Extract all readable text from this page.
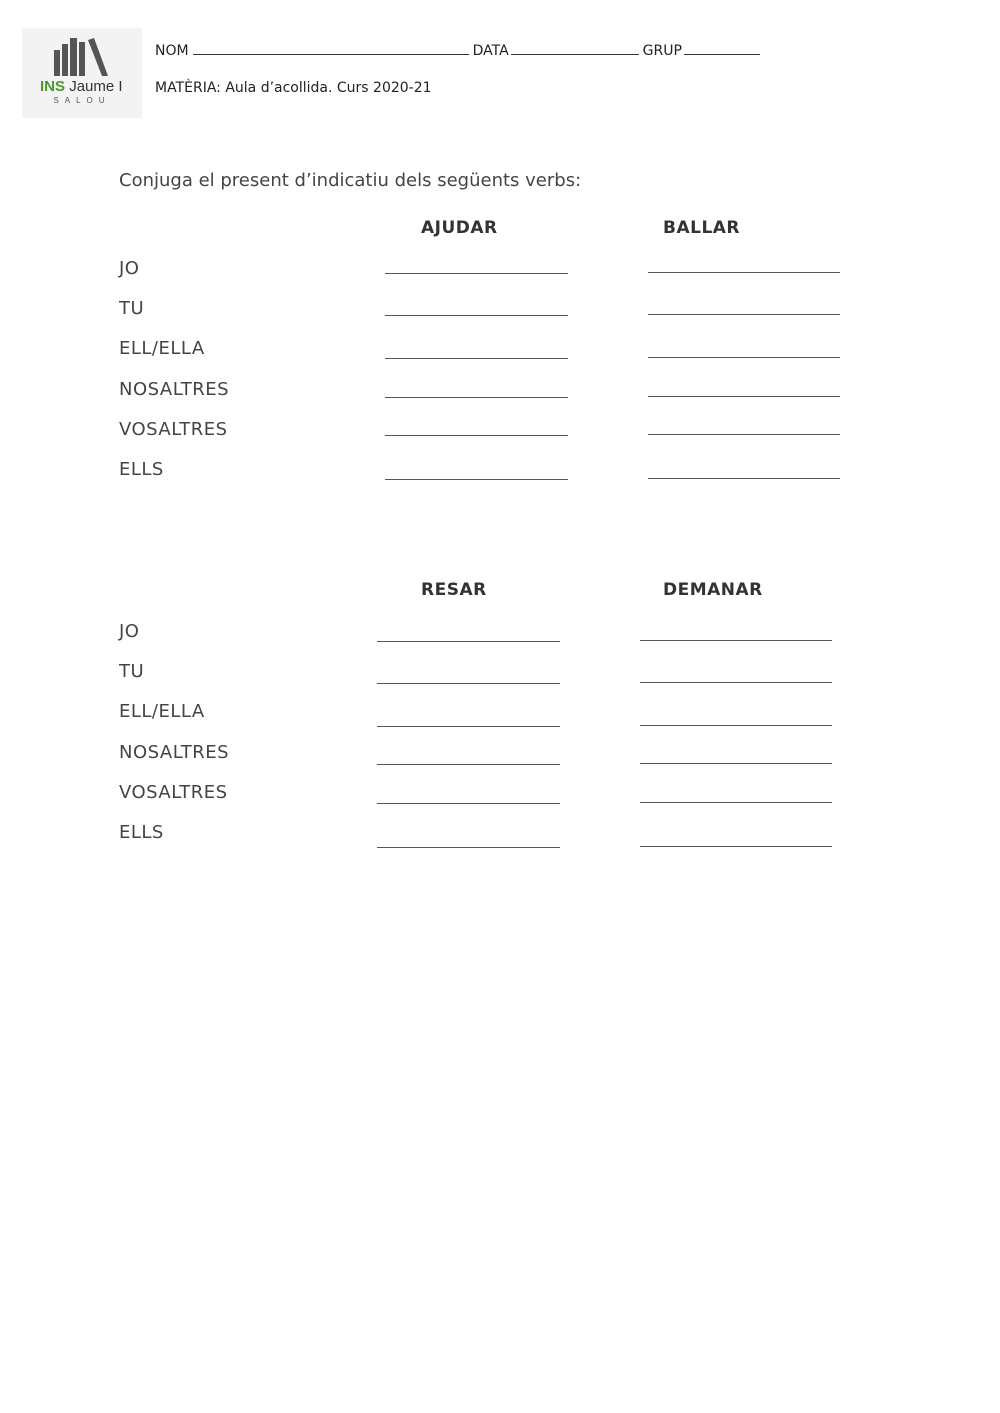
INS Jaume I
SALOU
NOM	DATA	GRUP
MATÈRIA: Aula d’acollida. Curs 2020-21
Conjuga el present d’indicatiu dels següents verbs:
AJUDAR	BALLAR
JO
TU
ELL/ELLA
NOSALTRES
VOSALTRES
ELLS
RESAR	DEMANAR
JO
TU
ELL/ELLA
NOSALTRES
VOSALTRES
ELLS
